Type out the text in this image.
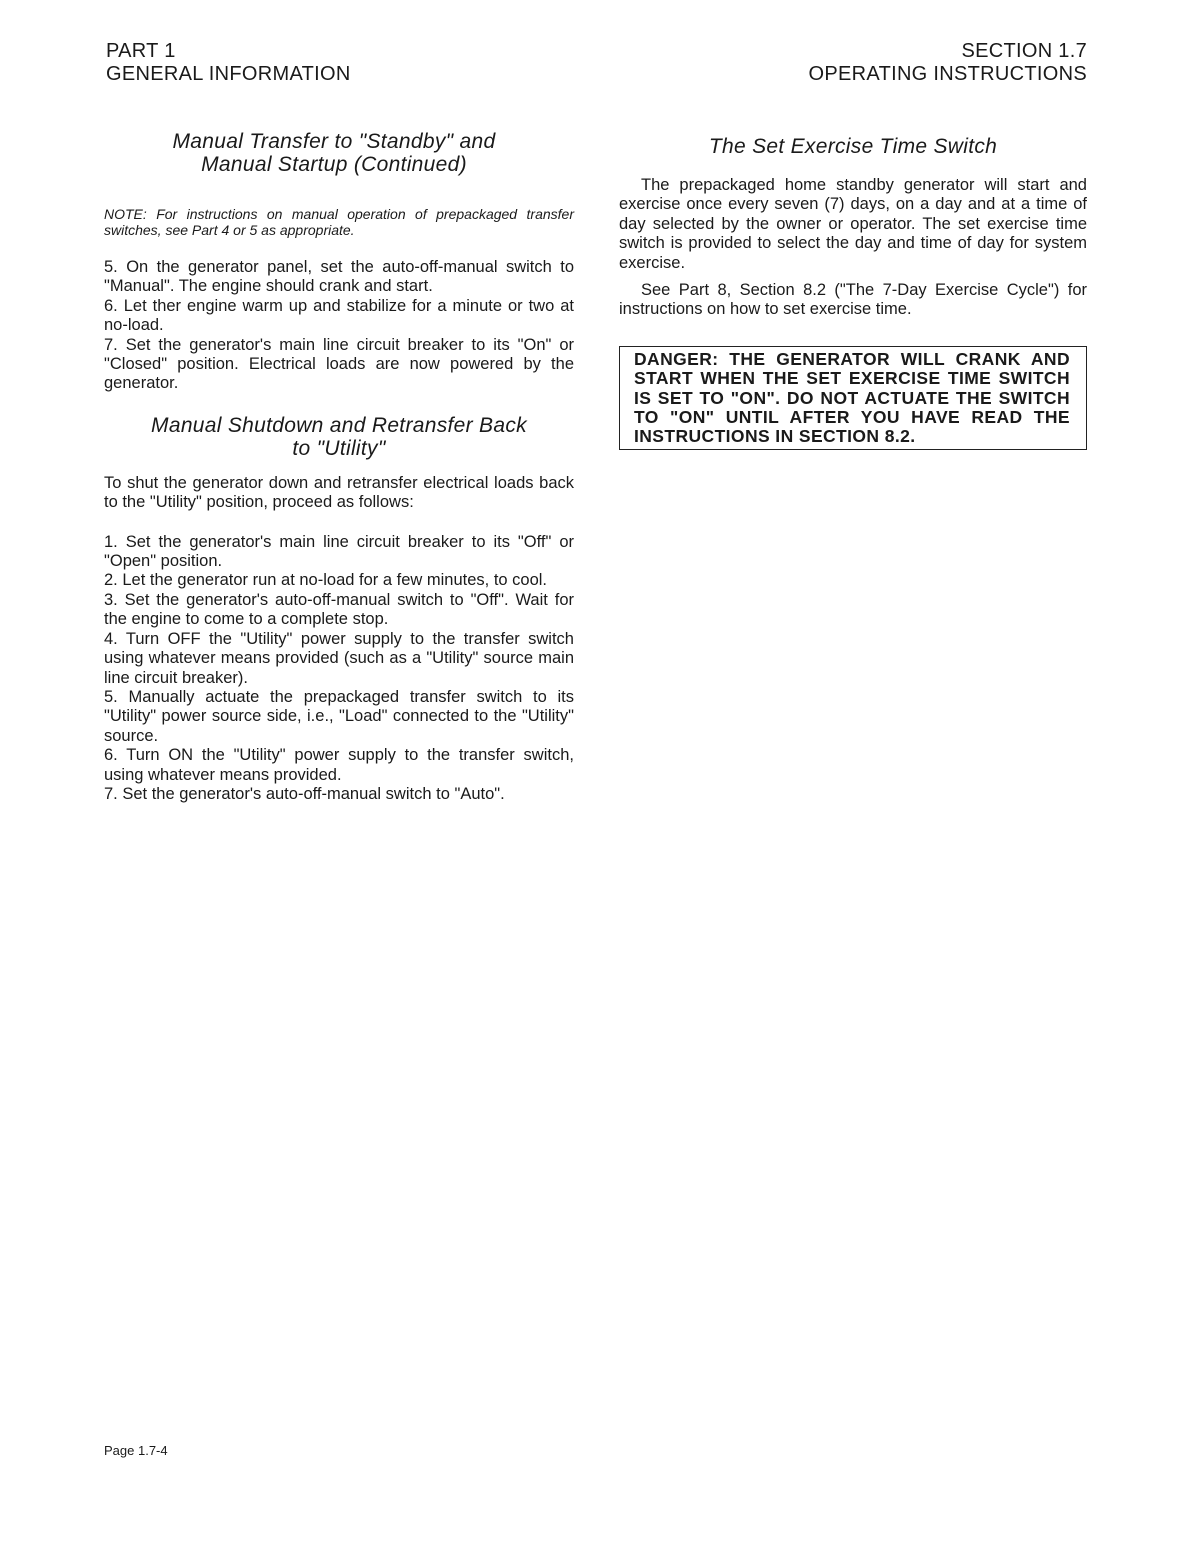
PART 1
GENERAL INFORMATION
SECTION 1.7
OPERATING INSTRUCTIONS
Manual Transfer to "Standby" and
Manual Startup (Continued)

NOTE: For instructions on manual operation of prepackaged transfer switches, see Part 4 or 5 as appropriate.

5. On the generator panel, set the auto-off-manual switch to "Manual". The engine should crank and start.

6. Let ther engine warm up and stabilize for a minute or two at no-load.

7. Set the generator's main line circuit breaker to its "On" or "Closed" position. Electrical loads are now powered by the generator.

Manual Shutdown and Retransfer Back
to "Utility"

To shut the generator down and retransfer electrical loads back to the "Utility" position, proceed as follows:

1. Set the generator's main line circuit breaker to its "Off" or "Open" position.

2. Let the generator run at no-load for a few minutes, to cool.

3. Set the generator's auto-off-manual switch to "Off". Wait for the engine to come to a complete stop.

4. Turn OFF the "Utility" power supply to the transfer switch using whatever means provided (such as a "Utility" source main line circuit breaker).

5. Manually actuate the prepackaged transfer switch to its "Utility" power source side, i.e., "Load" connected to the "Utility" source.

6. Turn ON the "Utility" power supply to the transfer switch, using whatever means provided.

7. Set the generator's auto-off-manual switch to "Auto".

The Set Exercise Time Switch

The prepackaged home standby generator will start and exercise once every seven (7) days, on a day and at a time of day selected by the owner or operator. The set exercise time switch is provided to select the day and time of day for system exercise.

See Part 8, Section 8.2 ("The 7-Day Exercise Cycle") for instructions on how to set exercise time.

DANGER: THE GENERATOR WILL CRANK AND START WHEN THE SET EXERCISE TIME SWITCH IS SET TO "ON". DO NOT ACTUATE THE SWITCH TO "ON" UNTIL AFTER YOU HAVE READ THE INSTRUCTIONS IN SECTION 8.2.
Page 1.7-4
